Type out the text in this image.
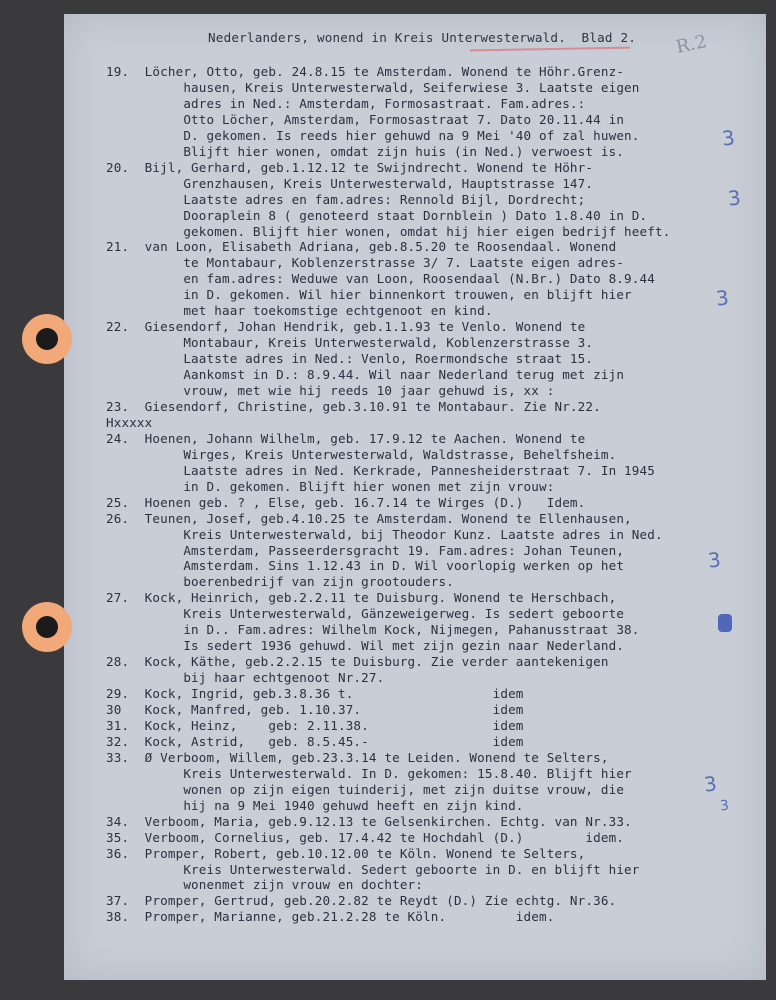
Nederlanders, wonend in Kreis Unterwesterwald.  Blad 2. R.2
19.  Löcher, Otto, geb. 24.8.15 te Amsterdam. Wonend te Höhr.Grenz-
hausen, Kreis Unterwesterwald, Seiferwiese 3. Laatste eigen
adres in Ned.: Amsterdam, Formosastraat. Fam.adres.:
Otto Löcher, Amsterdam, Formosastraat 7. Dato 20.11.44 in
D. gekomen. Is reeds hier gehuwd na 9 Mei '40 of zal huwen.
Blijft hier wonen, omdat zijn huis (in Ned.) verwoest is.
20.  Bijl, Gerhard, geb.1.12.12 te Swijndrecht. Wonend te Höhr-
Grenzhausen, Kreis Unterwesterwald, Hauptstrasse 147.
Laatste adres en fam.adres: Rennold Bijl, Dordrecht;
Dooraplein 8 ( genoteerd staat Dornblein ) Dato 1.8.40 in D.
gekomen. Blijft hier wonen, omdat hij hier eigen bedrijf heeft.
21.  van Loon, Elisabeth Adriana, geb.8.5.20 te Roosendaal. Wonend
te Montabaur, Koblenzerstrasse 3/ 7. Laatste eigen adres-
en fam.adres: Weduwe van Loon, Roosendaal (N.Br.) Dato 8.9.44
in D. gekomen. Wil hier binnenkort trouwen, en blijft hier
met haar toekomstige echtgenoot en kind.
22.  Giesendorf, Johan Hendrik, geb.1.1.93 te Venlo. Wonend te
Montabaur, Kreis Unterwesterwald, Koblenzerstrasse 3.
Laatste adres in Ned.: Venlo, Roermondsche straat 15.
Aankomst in D.: 8.9.44. Wil naar Nederland terug met zijn
vrouw, met wie hij reeds 10 jaar gehuwd is, xx :
23.  Giesendorf, Christine, geb.3.10.91 te Montabaur. Zie Nr.22.
Hxxxxx
24.  Hoenen, Johann Wilhelm, geb. 17.9.12 te Aachen. Wonend te
Wirges, Kreis Unterwesterwald, Waldstrasse, Behelfsheim.
Laatste adres in Ned. Kerkrade, Pannesheiderstraat 7. In 1945
in D. gekomen. Blijft hier wonen met zijn vrouw:
25.  Hoenen geb. ? , Else, geb. 16.7.14 te Wirges (D.)   Idem.
26.  Teunen, Josef, geb.4.10.25 te Amsterdam. Wonend te Ellenhausen,
Kreis Unterwesterwald, bij Theodor Kunz. Laatste adres in Ned.
Amsterdam, Passeerdersgracht 19. Fam.adres: Johan Teunen,
Amsterdam. Sins 1.12.43 in D. Wil voorlopig werken op het
boerenbedrijf van zijn grootouders.
27.  Kock, Heinrich, geb.2.2.11 te Duisburg. Wonend te Herschbach,
Kreis Unterwesterwald, Gänzeweigerweg. Is sedert geboorte
in D.. Fam.adres: Wilhelm Kock, Nijmegen, Pahanusstraat 38.
Is sedert 1936 gehuwd. Wil met zijn gezin naar Nederland.
28.  Kock, Käthe, geb.2.2.15 te Duisburg. Zie verder aantekenigen
bij haar echtgenoot Nr.27.
29.  Kock, Ingrid, geb.3.8.36 t.                  idem
30   Kock, Manfred, geb. 1.10.37.                 idem
31.  Kock, Heinz,    geb: 2.11.38.                idem
32.  Kock, Astrid,   geb. 8.5.45.-                idem
33.  Ø Verboom, Willem, geb.23.3.14 te Leiden. Wonend te Selters,
Kreis Unterwesterwald. In D. gekomen: 15.8.40. Blijft hier
wonen op zijn eigen tuinderij, met zijn duitse vrouw, die
hij na 9 Mei 1940 gehuwd heeft en zijn kind.
34.  Verboom, Maria, geb.9.12.13 te Gelsenkirchen. Echtg. van Nr.33.
35.  Verboom, Cornelius, geb. 17.4.42 te Hochdahl (D.)        idem.
36.  Promper, Robert, geb.10.12.00 te Köln. Wonend te Selters,
Kreis Unterwesterwald. Sedert geboorte in D. en blijft hier
wonenmet zijn vrouw en dochter:
37.  Promper, Gertrud, geb.20.2.82 te Reydt (D.) Zie echtg. Nr.36.
38.  Promper, Marianne, geb.21.2.28 te Köln.         idem.
3
3
3
3
3
3
